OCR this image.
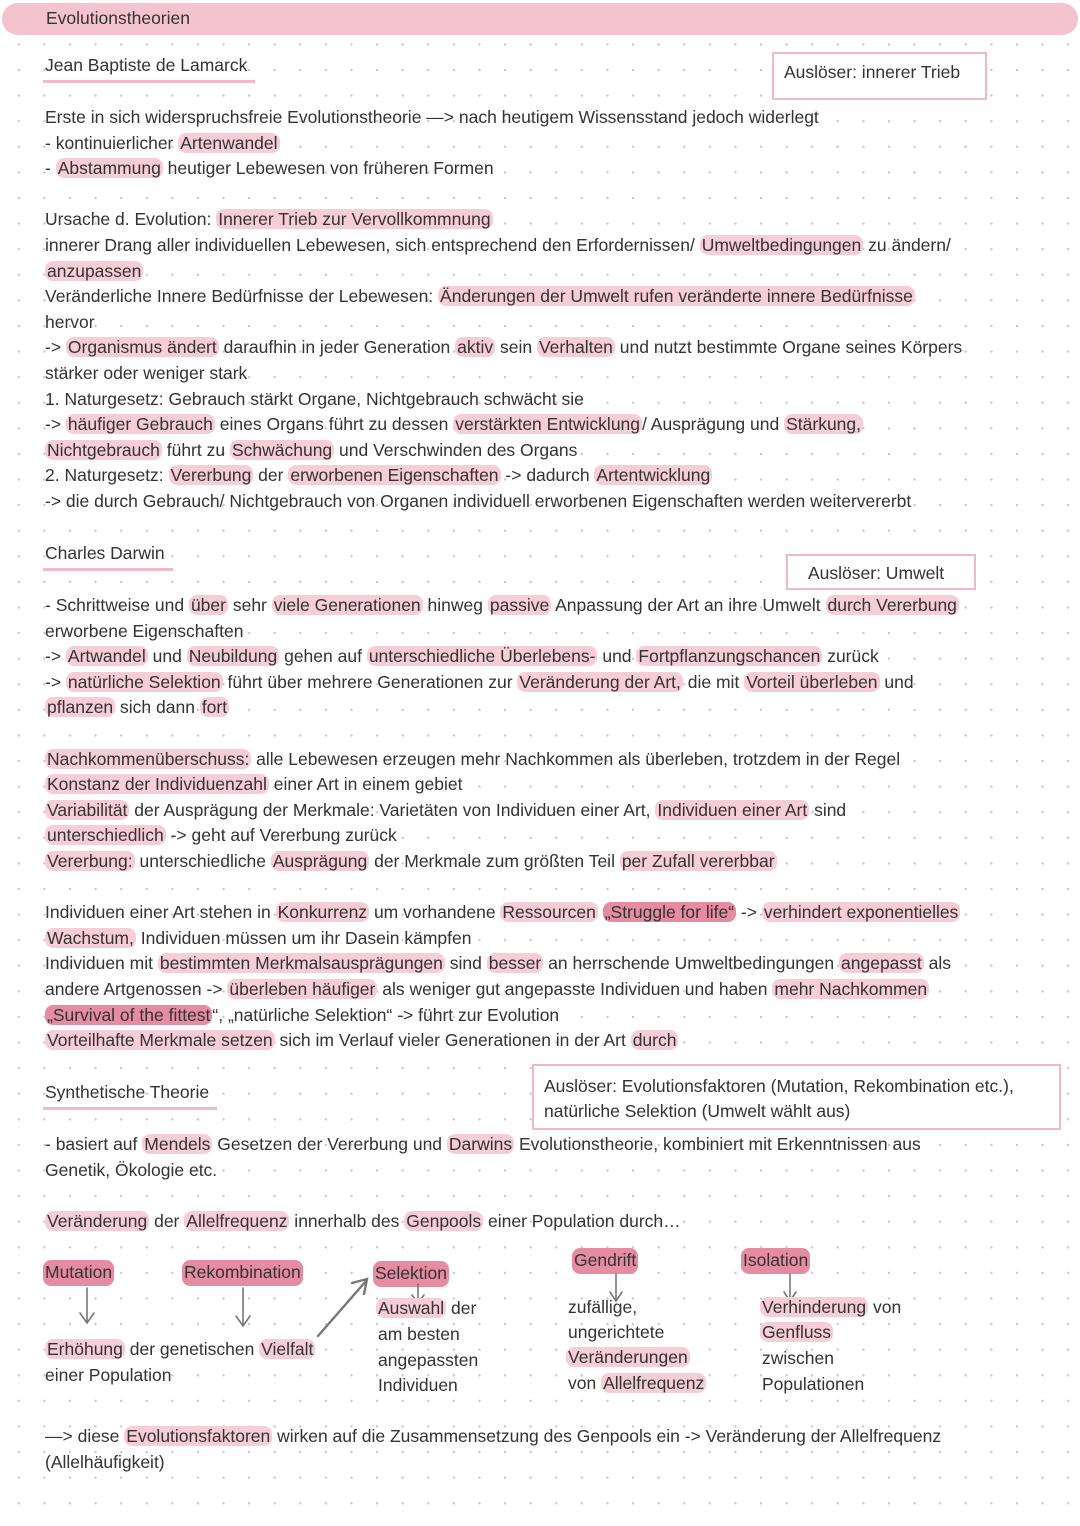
Evolutionstheorien
Jean Baptiste de Lamarck	Auslöser: innerer Trieb
Erste in sich widerspruchsfreie Evolutionstheorie —> nach heutigem Wissensstand jedoch widerlegt
- kontinuierlicher Artenwandel
- Abstammung heutiger Lebewesen von früheren Formen
Ursache d. Evolution: Innerer Trieb zur Vervollkommnung
innerer Drang aller individuellen Lebewesen, sich entsprechend den Erfordernissen/ Umweltbedingungen zu ändern/
anzupassen
Veränderliche Innere Bedürfnisse der Lebewesen: Änderungen der Umwelt rufen veränderte innere Bedürfnisse
hervor
-> Organismus ändert daraufhin in jeder Generation aktiv sein Verhalten und nutzt bestimmte Organe seines Körpers
stärker oder weniger stark
1. Naturgesetz: Gebrauch stärkt Organe, Nichtgebrauch schwächt sie
-> häufiger Gebrauch eines Organs führt zu dessen verstärkten Entwicklung / Ausprägung und Stärkung,
Nichtgebrauch führt zu Schwächung und Verschwinden des Organs
2. Naturgesetz: Vererbung der erworbenen Eigenschaften -> dadurch Artentwicklung
-> die durch Gebrauch/ Nichtgebrauch von Organen individuell erworbenen Eigenschaften werden weitervererbt
Charles Darwin
Auslöser: Umwelt
- Schrittweise und über sehr viele Generationen hinweg passive Anpassung der Art an ihre Umwelt durch Vererbung
erworbene Eigenschaften
-> Artwandel und Neubildung gehen auf unterschiedliche Überlebens- und Fortpflanzungschancen zurück
-> natürliche Selektion führt über mehrere Generationen zur Veränderung der Art, die mit Vorteil überleben und
pflanzen sich dann fort
Nachkommenüberschuss: alle Lebewesen erzeugen mehr Nachkommen als überleben, trotzdem in der Regel
Konstanz der Individuenzahl einer Art in einem gebiet
Variabilität der Ausprägung der Merkmale: Varietäten von Individuen einer Art, Individuen einer Art sind
unterschiedlich -> geht auf Vererbung zurück
Vererbung: unterschiedliche Ausprägung der Merkmale zum größten Teil per Zufall vererbbar
Individuen einer Art stehen in Konkurrenz um vorhandene Ressourcen „Struggle for life“ -> verhindert exponentielles
Wachstum, Individuen müssen um ihr Dasein kämpfen
Individuen mit bestimmten Merkmalsausprägungen sind besser an herrschende Umweltbedingungen angepasst als
andere Artgenossen -> überleben häufiger als weniger gut angepasste Individuen und haben mehr Nachkommen
„Survival of the fittest “, „natürliche Selektion“ -> führt zur Evolution
Vorteilhafte Merkmale setzen sich im Verlauf vieler Generationen in der Art durch
Synthetische Theorie	Auslöser: Evolutionsfaktoren (Mutation, Rekombination etc.),
natürliche Selektion (Umwelt wählt aus)
- basiert auf Mendels Gesetzen der Vererbung und Darwins Evolutionstheorie, kombiniert mit Erkenntnissen aus
Genetik, Ökologie etc.
Veränderung der Allelfrequenz innerhalb des Genpools einer Population durch…
Mutation	Rekombination	Selektion
Gendrift	Isolation
Erhöhung der genetischen Vielfalt
einer Population
Auswahl der
am besten
angepassten
Individuen
zufällige,
ungerichtete
Veränderungen
von Allelfrequenz
Verhinderung von
Genfluss
zwischen
Populationen
—> diese Evolutionsfaktoren wirken auf die Zusammensetzung des Genpools ein -> Veränderung der Allelfrequenz
(Allelhäufigkeit)
